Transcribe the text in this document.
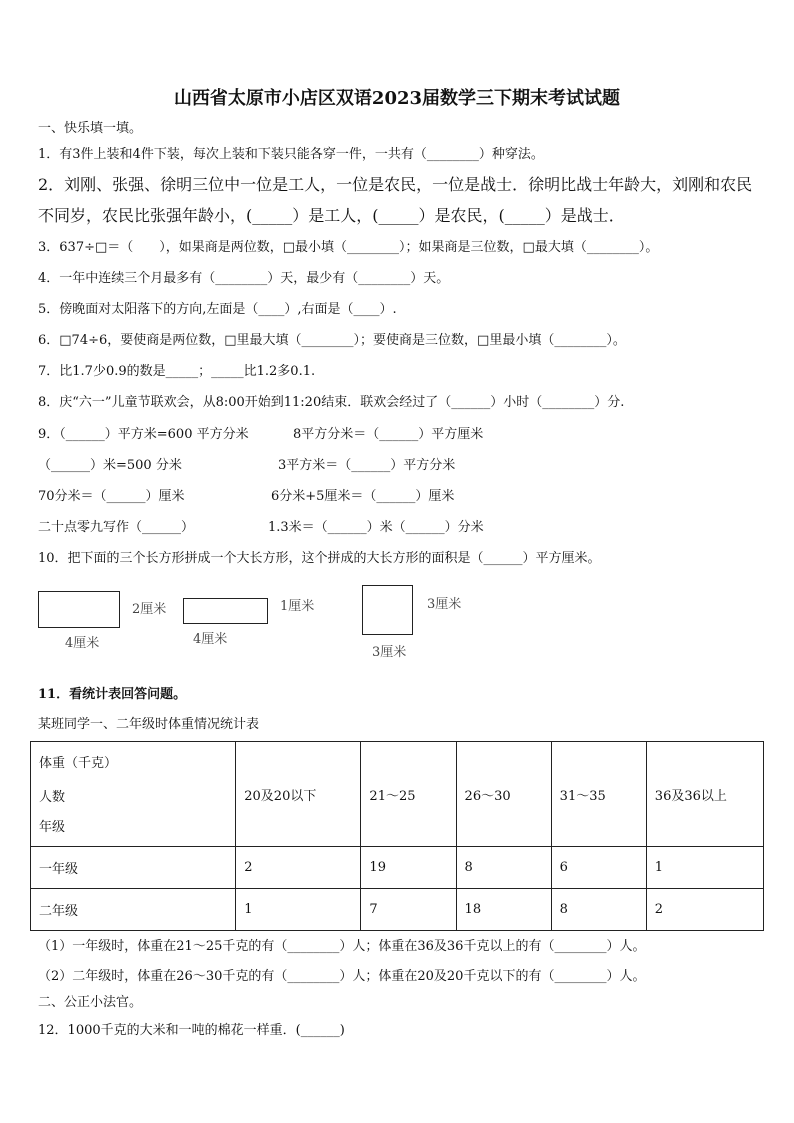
山西省太原市小店区双语2023届数学三下期末考试试题
一、快乐填一填。
1．有3件上装和4件下装，每次上装和下装只能各穿一件，一共有（________）种穿法。
2．刘刚、张强、徐明三位中一位是工人，一位是农民，一位是战士．徐明比战士年龄大，刘刚和农民
不同岁，农民比张强年龄小，(_____）是工人，(_____）是农民，(_____）是战士．
3．637÷□＝（　　），如果商是两位数，□最小填（________）；如果商是三位数，□最大填（________）。
4．一年中连续三个月最多有（________）天，最少有（________）天。
5．傍晚面对太阳落下的方向,左面是（____）,右面是（____）.
6．□74÷6，要使商是两位数，□里最大填（________）；要使商是三位数，□里最小填（________）。
7．比1.7少0.9的数是_____；_____比1.2多0.1.
8．庆“六一”儿童节联欢会，从8:00开始到11:20结束．联欢会经过了（______）小时（________）分.
9．（______）平方米=600 平方分米	8平方分米＝（______）平方厘米
（______）米=500 分米	3平方米＝（______）平方分米
70分米＝（______）厘米	6分米+5厘米＝（______）厘米
二十点零九写作（______）	1.3米＝（______）米（______）分米
10．把下面的三个长方形拼成一个大长方形，这个拼成的大长方形的面积是（______）平方厘米。
2厘米
4厘米
1厘米
4厘米
3厘米
3厘米
11．看统计表回答问题。
某班同学一、二年级时体重情况统计表
体重（千克）
人数
年级	20及20以下	21～25	26～30	31～35	36及36以上
一年级	2	19	8	6	1
二年级	1	7	18	8	2
（1）一年级时，体重在21～25千克的有（________）人；体重在36及36千克以上的有（________）人。
（2）二年级时，体重在26～30千克的有（________）人；体重在20及20千克以下的有（________）人。
二、公正小法官。
12．1000千克的大米和一吨的棉花一样重．(______)
